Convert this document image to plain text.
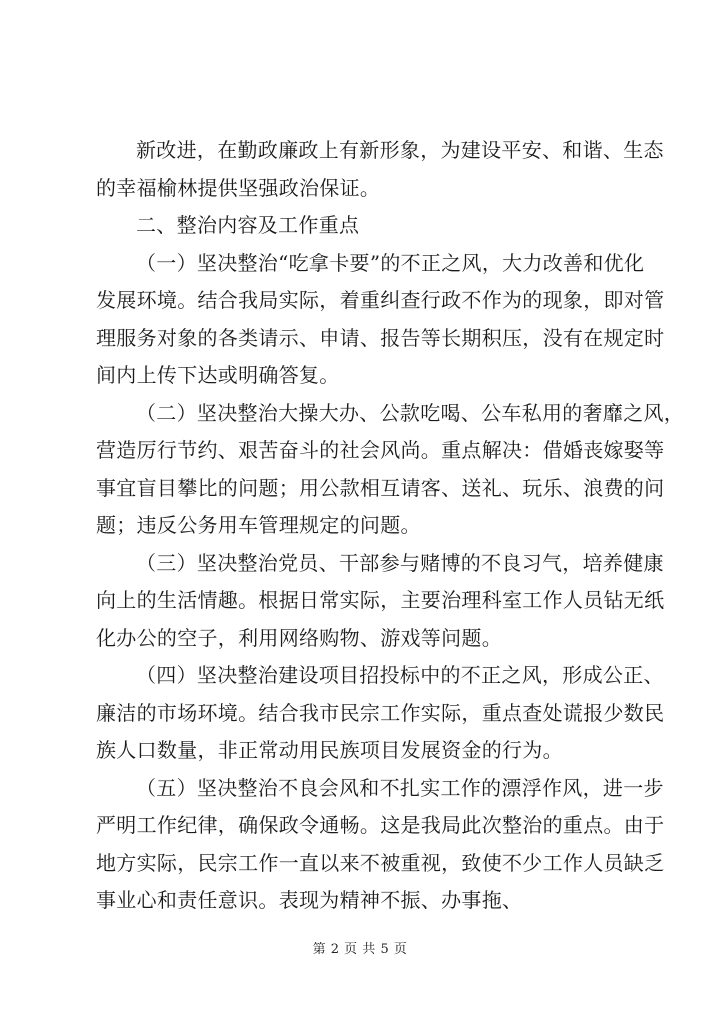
新改进，在勤政廉政上有新形象，为建设平安、和谐、生态
的幸福榆林提供坚强政治保证。
二、整治内容及工作重点
（一）坚决整治“吃拿卡要”的不正之风，大力改善和优化
发展环境。结合我局实际，着重纠查行政不作为的现象，即对管
理服务对象的各类请示、申请、报告等长期积压，没有在规定时
间内上传下达或明确答复。
（二）坚决整治大操大办、公款吃喝、公车私用的奢靡之风，
营造厉行节约、艰苦奋斗的社会风尚。重点解决：借婚丧嫁娶等
事宜盲目攀比的问题；用公款相互请客、送礼、玩乐、浪费的问
题；违反公务用车管理规定的问题。
（三）坚决整治党员、干部参与赌博的不良习气，培养健康
向上的生活情趣。根据日常实际，主要治理科室工作人员钻无纸
化办公的空子，利用网络购物、游戏等问题。
（四）坚决整治建设项目招投标中的不正之风，形成公正、
廉洁的市场环境。结合我市民宗工作实际，重点查处谎报少数民
族人口数量，非正常动用民族项目发展资金的行为。
（五）坚决整治不良会风和不扎实工作的漂浮作风，进一步
严明工作纪律，确保政令通畅。这是我局此次整治的重点。由于
地方实际，民宗工作一直以来不被重视，致使不少工作人员缺乏
事业心和责任意识。表现为精神不振、办事拖、
第 2 页 共 5 页
